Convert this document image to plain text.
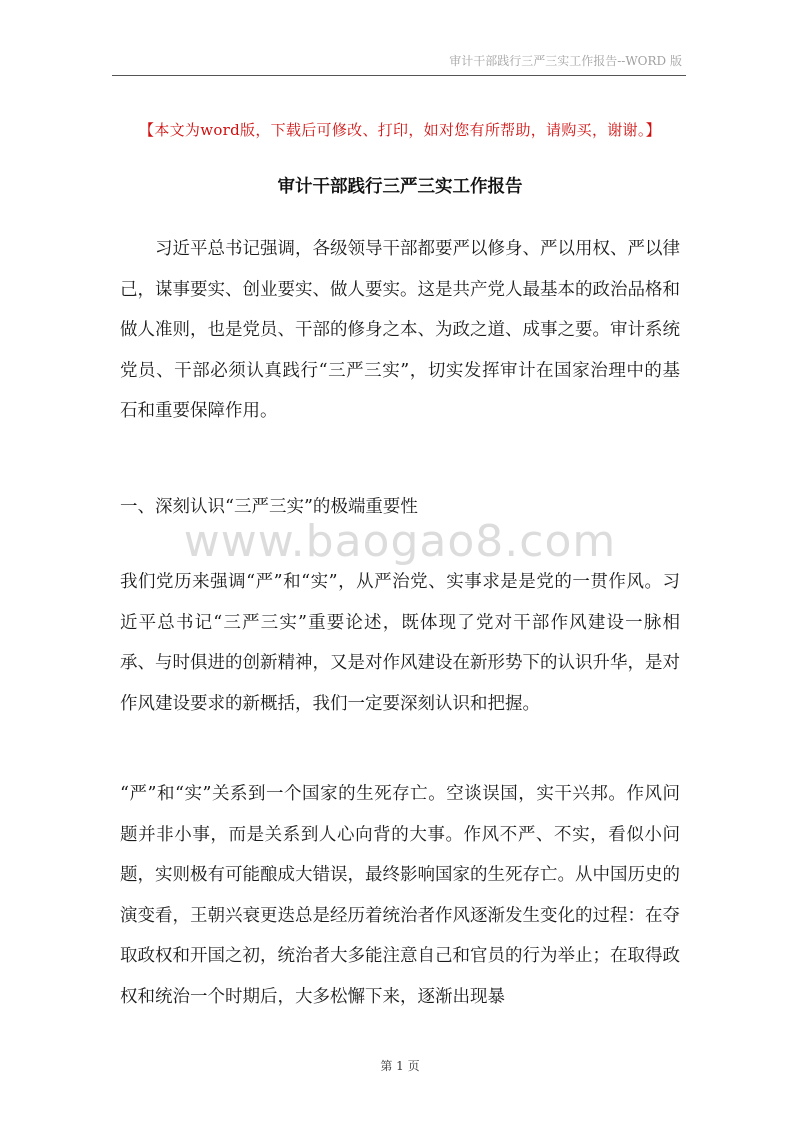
审计干部践行三严三实工作报告--WORD 版
【本文为word版，下载后可修改、打印，如对您有所帮助，请购买，谢谢。】
审计干部践行三严三实工作报告

习近平总书记强调，各级领导干部都要严以修身、严以用权、严以律己，谋事要实、创业要实、做人要实。这是共产党人最基本的政治品格和做人准则，也是党员、干部的修身之本、为政之道、成事之要。审计系统党员、干部必须认真践行“三严三实”，切实发挥审计在国家治理中的基石和重要保障作用。

一、深刻认识“三严三实”的极端重要性

www.baogao8.com

我们党历来强调“严”和“实”，从严治党、实事求是是党的一贯作风。习近平总书记“三严三实”重要论述，既体现了党对干部作风建设一脉相承、与时俱进的创新精神，又是对作风建设在新形势下的认识升华，是对作风建设要求的新概括，我们一定要深刻认识和把握。

“严”和“实”关系到一个国家的生死存亡。空谈误国，实干兴邦。作风问题并非小事，而是关系到人心向背的大事。作风不严、不实，看似小问题，实则极有可能酿成大错误，最终影响国家的生死存亡。从中国历史的演变看，王朝兴衰更迭总是经历着统治者作风逐渐发生变化的过程：在夺取政权和开国之初，统治者大多能注意自己和官员的行为举止；在取得政权和统治一个时期后，大多松懈下来，逐渐出现暴

第 1 页
